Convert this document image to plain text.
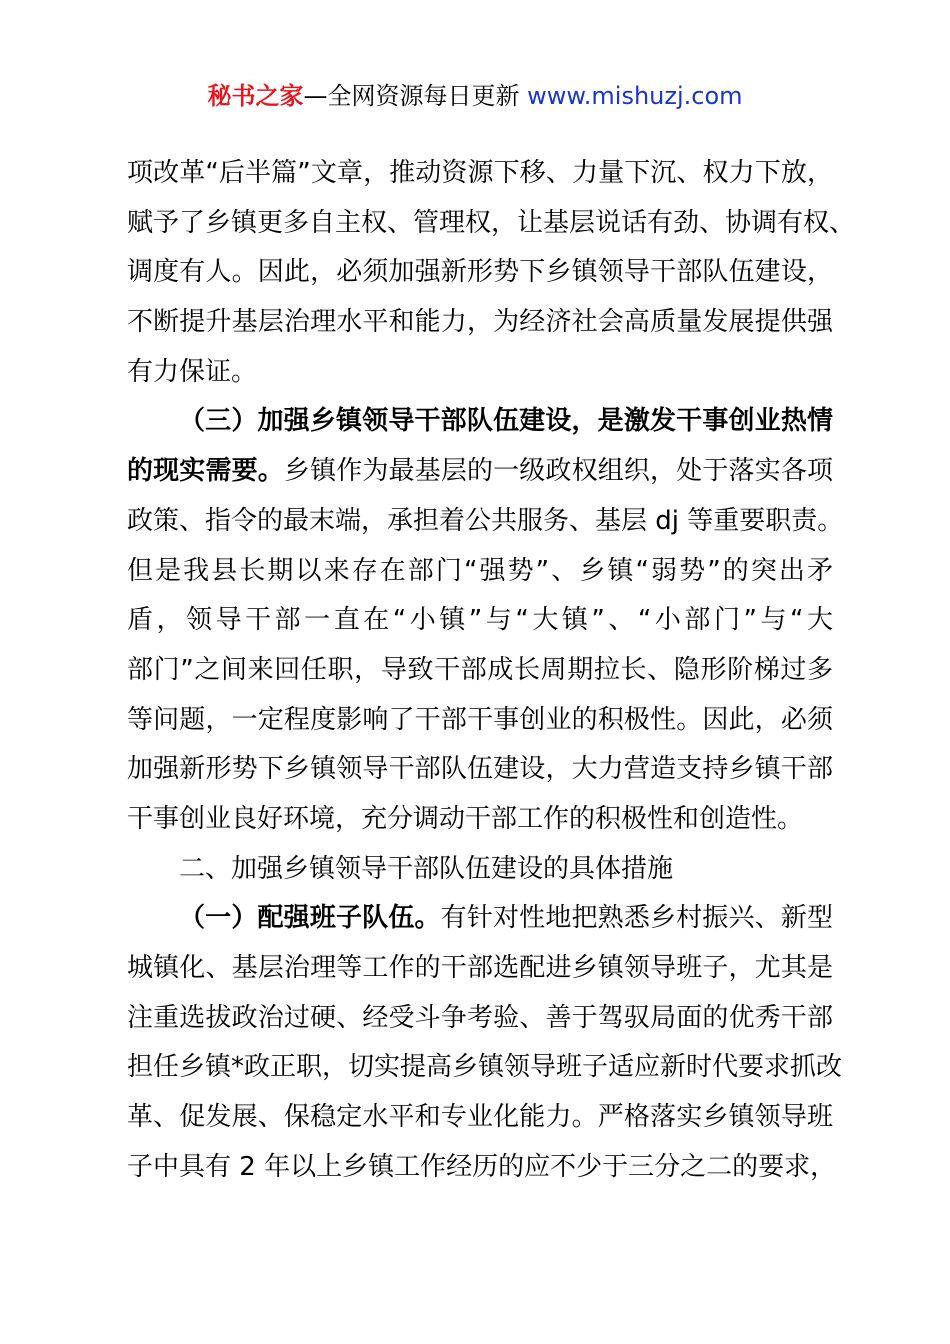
秘书之家—全网资源每日更新 www.mishuzj.com
项改革“后半篇”文章，推动资源下移、力量下沉、权力下放，
赋予了乡镇更多自主权、管理权，让基层说话有劲、协调有权、
调度有人。因此，必须加强新形势下乡镇领导干部队伍建设，
不断提升基层治理水平和能力，为经济社会高质量发展提供强
有力保证。
（三）加强乡镇领导干部队伍建设，是激发干事创业热情
的现实需要。乡镇作为最基层的一级政权组织，处于落实各项
政策、指令的最末端，承担着公共服务、基层 dj 等重要职责。
但是我县长期以来存在部门“强势”、乡镇“弱势”的突出矛
盾，领导干部一直在“小镇”与“大镇”、“小部门”与“大
部门”之间来回任职，导致干部成长周期拉长、隐形阶梯过多
等问题，一定程度影响了干部干事创业的积极性。因此，必须
加强新形势下乡镇领导干部队伍建设，大力营造支持乡镇干部
干事创业良好环境，充分调动干部工作的积极性和创造性。
二、加强乡镇领导干部队伍建设的具体措施
（一）配强班子队伍。有针对性地把熟悉乡村振兴、新型
城镇化、基层治理等工作的干部选配进乡镇领导班子，尤其是
注重选拔政治过硬、经受斗争考验、善于驾驭局面的优秀干部
担任乡镇*政正职，切实提高乡镇领导班子适应新时代要求抓改
革、促发展、保稳定水平和专业化能力。严格落实乡镇领导班
子中具有 2 年以上乡镇工作经历的应不少于三分之二的要求，
